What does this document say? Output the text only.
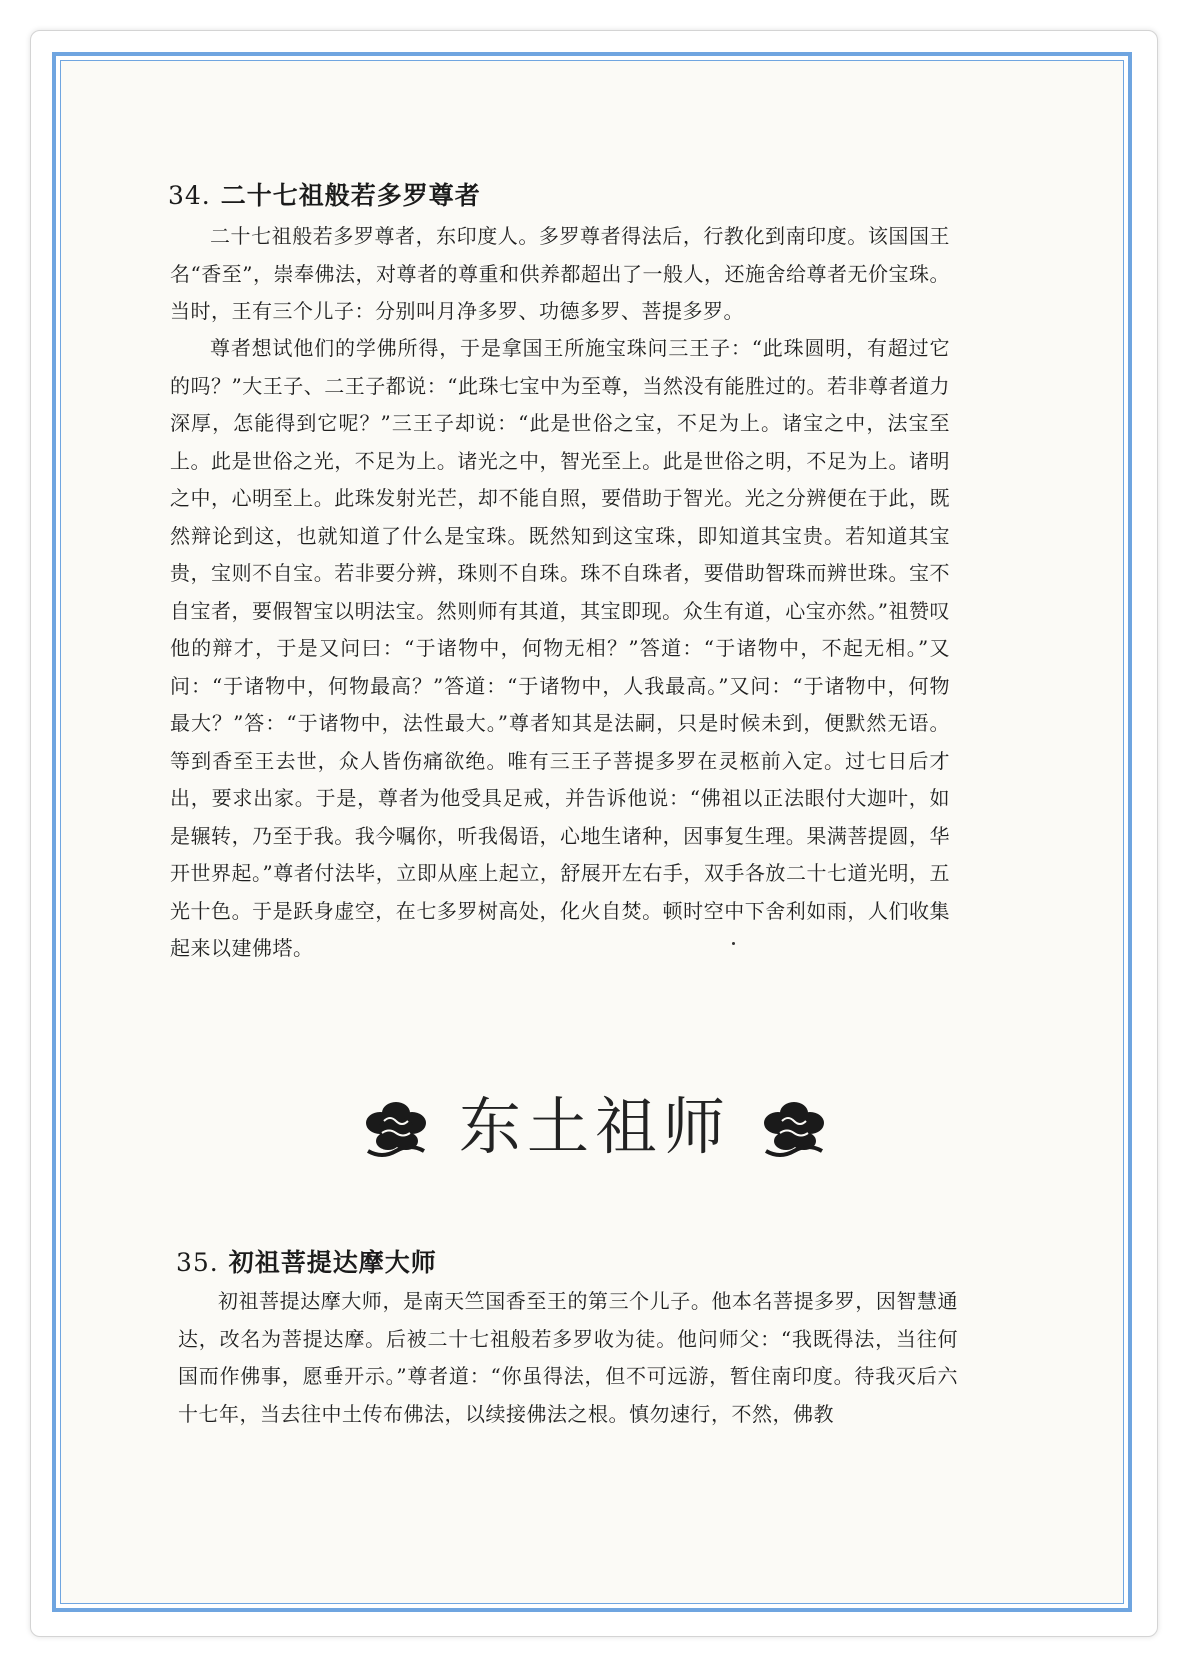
34. 二十七祖般若多罗尊者
二十七祖般若多罗尊者，东印度人。多罗尊者得法后，行教化到南印度。该国国王名“香至”，崇奉佛法，对尊者的尊重和供养都超出了一般人，还施舍给尊者无价宝珠。当时，王有三个儿子：分别叫月净多罗、功德多罗、菩提多罗。
尊者想试他们的学佛所得，于是拿国王所施宝珠问三王子：“此珠圆明，有超过它的吗？”大王子、二王子都说：“此珠七宝中为至尊，当然没有能胜过的。若非尊者道力深厚，怎能得到它呢？”三王子却说：“此是世俗之宝，不足为上。诸宝之中，法宝至上。此是世俗之光，不足为上。诸光之中，智光至上。此是世俗之明，不足为上。诸明之中，心明至上。此珠发射光芒，却不能自照，要借助于智光。光之分辨便在于此，既然辩论到这，也就知道了什么是宝珠。既然知到这宝珠，即知道其宝贵。若知道其宝贵，宝则不自宝。若非要分辨，珠则不自珠。珠不自珠者，要借助智珠而辨世珠。宝不自宝者，要假智宝以明法宝。然则师有其道，其宝即现。众生有道，心宝亦然。”祖赞叹他的辩才，于是又问曰：“于诸物中，何物无相？”答道：“于诸物中，不起无相。”又问：“于诸物中，何物最高？”答道：“于诸物中，人我最高。”又问：“于诸物中，何物最大？”答：“于诸物中，法性最大。”尊者知其是法嗣，只是时候未到，便默然无语。等到香至王去世，众人皆伤痛欲绝。唯有三王子菩提多罗在灵柩前入定。过七日后才出，要求出家。于是，尊者为他受具足戒，并告诉他说：“佛祖以正法眼付大迦叶，如是辗转，乃至于我。我今嘱你，听我偈语，心地生诸种，因事复生理。果满菩提圆，华开世界起。”尊者付法毕，立即从座上起立，舒展开左右手，双手各放二十七道光明，五光十色。于是跃身虚空，在七多罗树高处，化火自焚。顿时空中下舍利如雨，人们收集起来以建佛塔。
东土祖师
35. 初祖菩提达摩大师
初祖菩提达摩大师，是南天竺国香至王的第三个儿子。他本名菩提多罗，因智慧通达，改名为菩提达摩。后被二十七祖般若多罗收为徒。他问师父：“我既得法，当往何国而作佛事，愿垂开示。”尊者道：“你虽得法，但不可远游，暂住南印度。待我灭后六十七年，当去往中土传布佛法，以续接佛法之根。慎勿速行，不然，佛教
